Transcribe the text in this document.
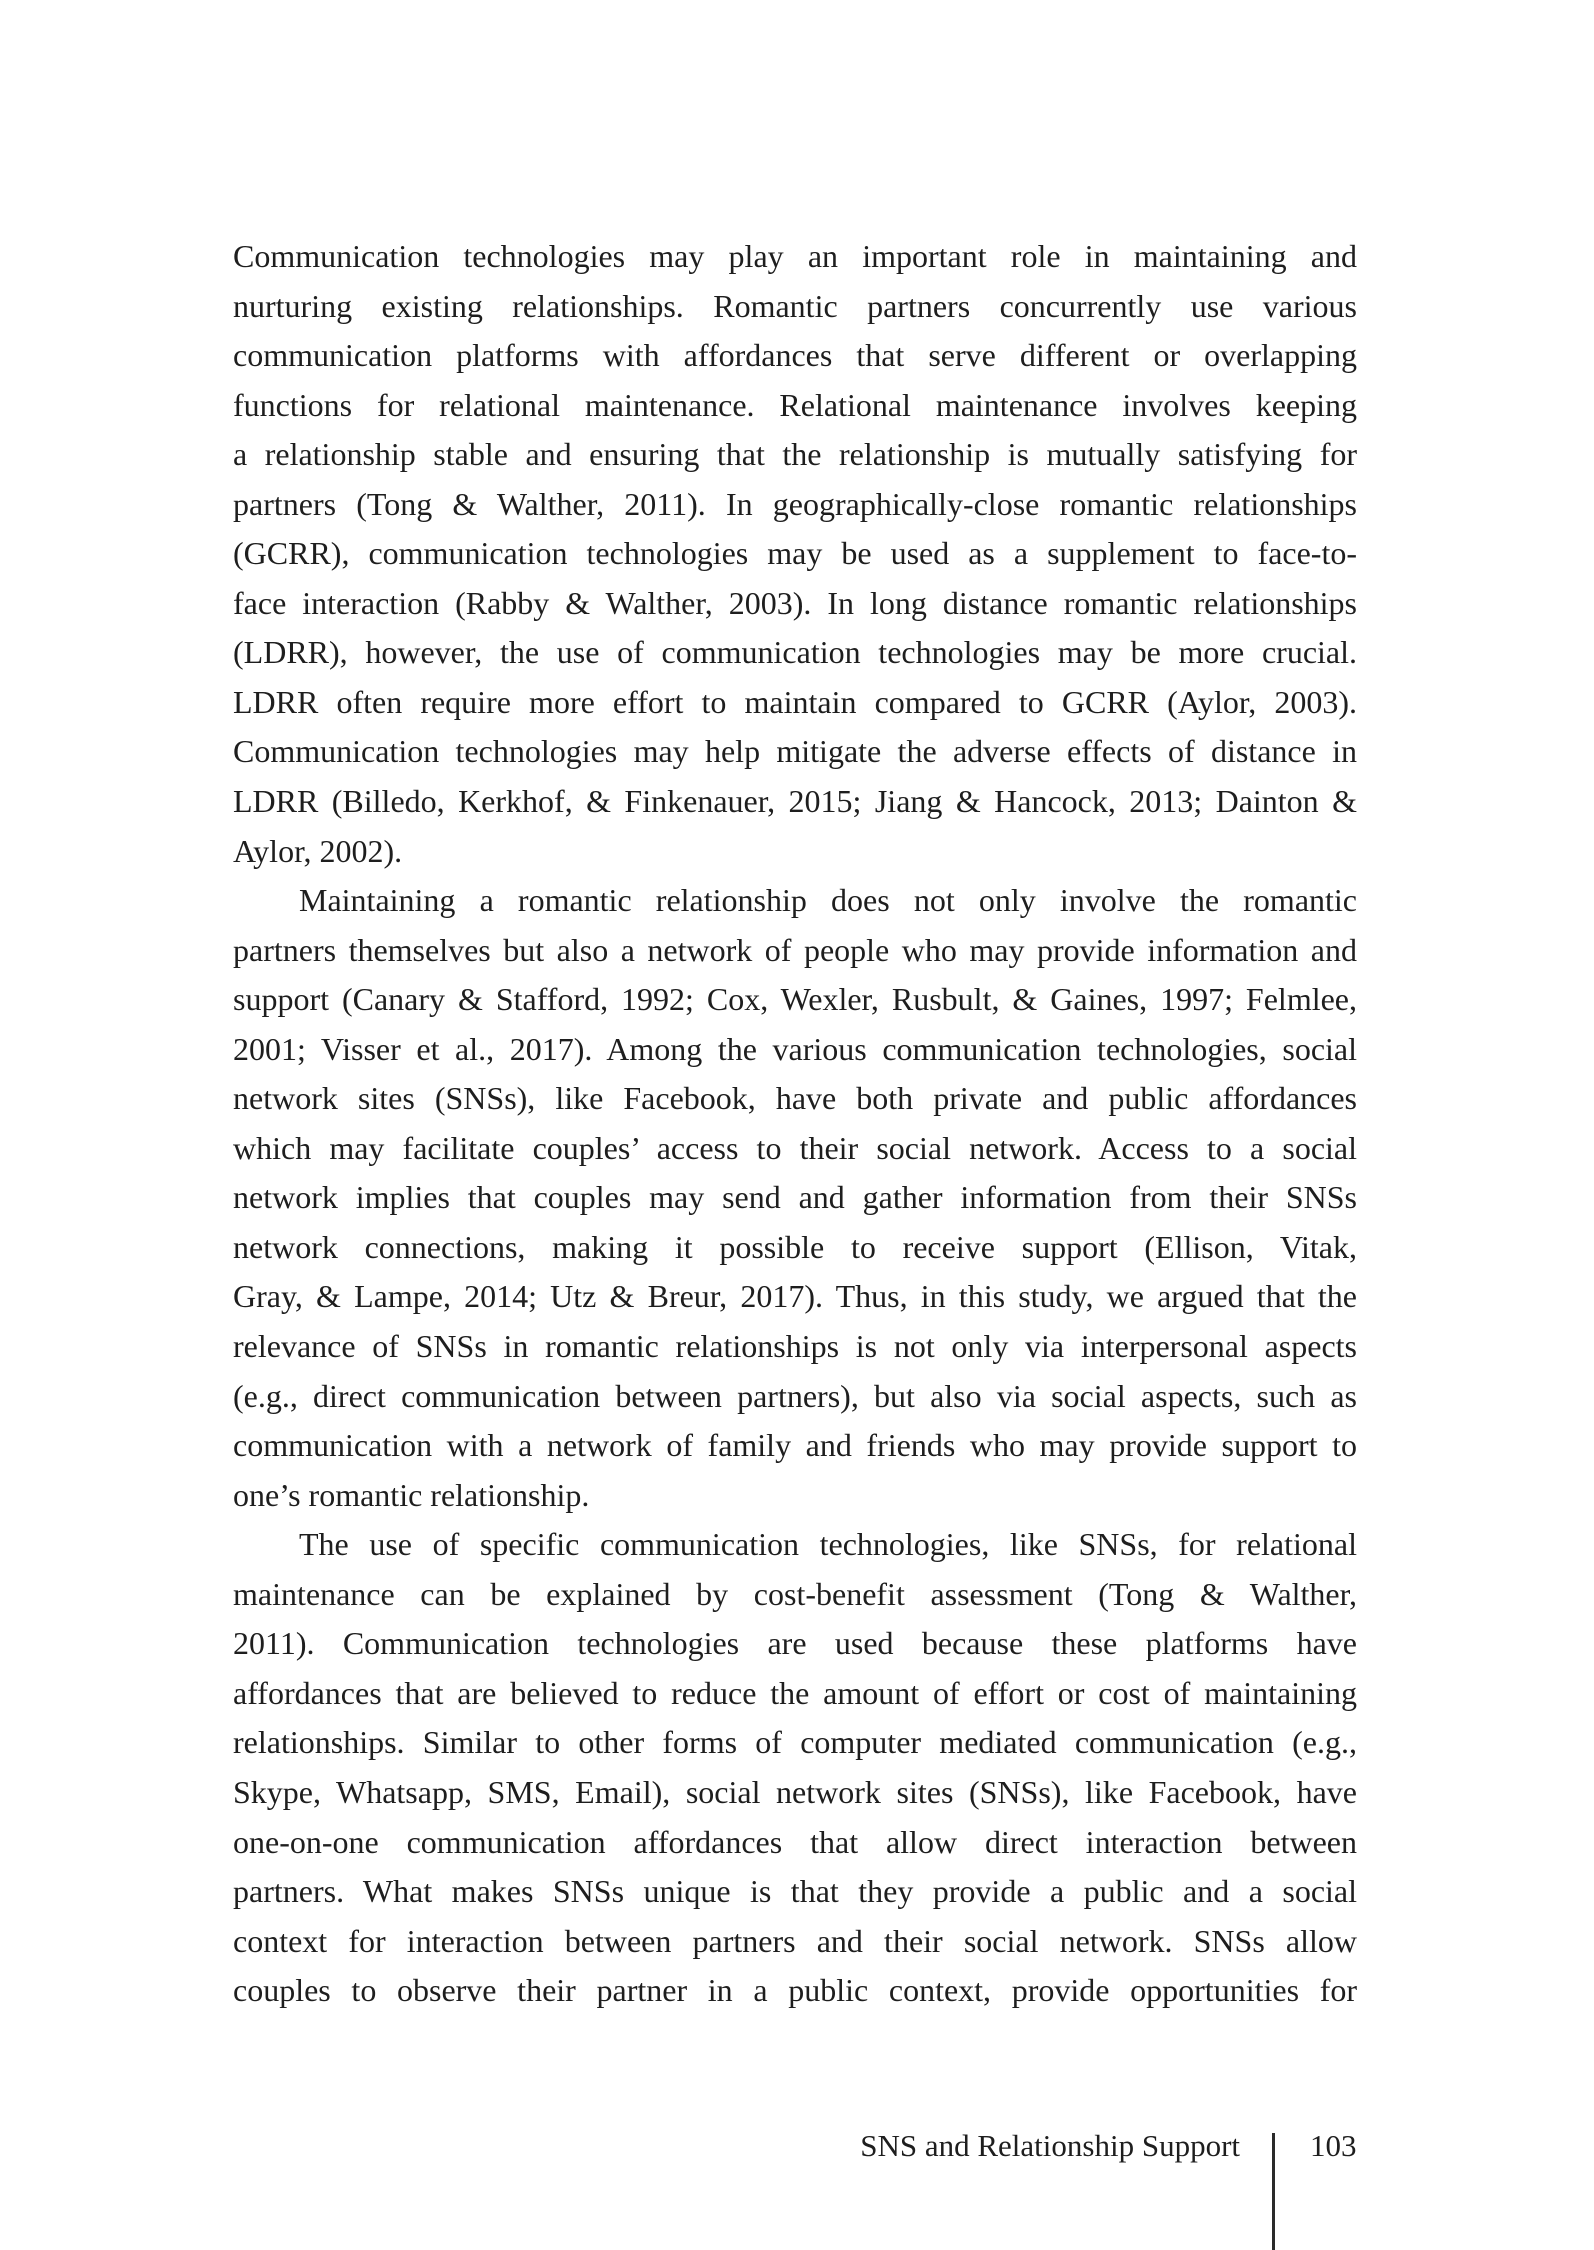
Communication technologies may play an important role in maintaining and
nurturing existing relationships. Romantic partners concurrently use various
communication platforms with affordances that serve different or overlapping
functions for relational maintenance. Relational maintenance involves keeping
a relationship stable and ensuring that the relationship is mutually satisfying for
partners (Tong & Walther, 2011). In geographically-close romantic relationships
(GCRR), communication technologies may be used as a supplement to face-to-
face interaction (Rabby & Walther, 2003). In long distance romantic relationships
(LDRR), however, the use of communication technologies may be more crucial.
LDRR often require more effort to maintain compared to GCRR (Aylor, 2003).
Communication technologies may help mitigate the adverse effects of distance in
LDRR (Billedo, Kerkhof, & Finkenauer, 2015; Jiang & Hancock, 2013; Dainton &
Aylor, 2002).

Maintaining a romantic relationship does not only involve the romantic
partners themselves but also a network of people who may provide information and
support (Canary & Stafford, 1992; Cox, Wexler, Rusbult, & Gaines, 1997; Felmlee,
2001; Visser et al., 2017). Among the various communication technologies, social
network sites (SNSs), like Facebook, have both private and public affordances
which may facilitate couples’ access to their social network. Access to a social
network implies that couples may send and gather information from their SNSs
network connections, making it possible to receive support (Ellison, Vitak,
Gray, & Lampe, 2014; Utz & Breur, 2017). Thus, in this study, we argued that the
relevance of SNSs in romantic relationships is not only via interpersonal aspects
(e.g., direct communication between partners), but also via social aspects, such as
communication with a network of family and friends who may provide support to
one’s romantic relationship.

The use of specific communication technologies, like SNSs, for relational
maintenance can be explained by cost-benefit assessment (Tong & Walther,
2011). Communication technologies are used because these platforms have
affordances that are believed to reduce the amount of effort or cost of maintaining
relationships. Similar to other forms of computer mediated communication (e.g.,
Skype, Whatsapp, SMS, Email), social network sites (SNSs), like Facebook, have
one-on-one communication affordances that allow direct interaction between
partners. What makes SNSs unique is that they provide a public and a social
context for interaction between partners and their social network. SNSs allow
couples to observe their partner in a public context, provide opportunities for

SNS and Relationship Support 103
